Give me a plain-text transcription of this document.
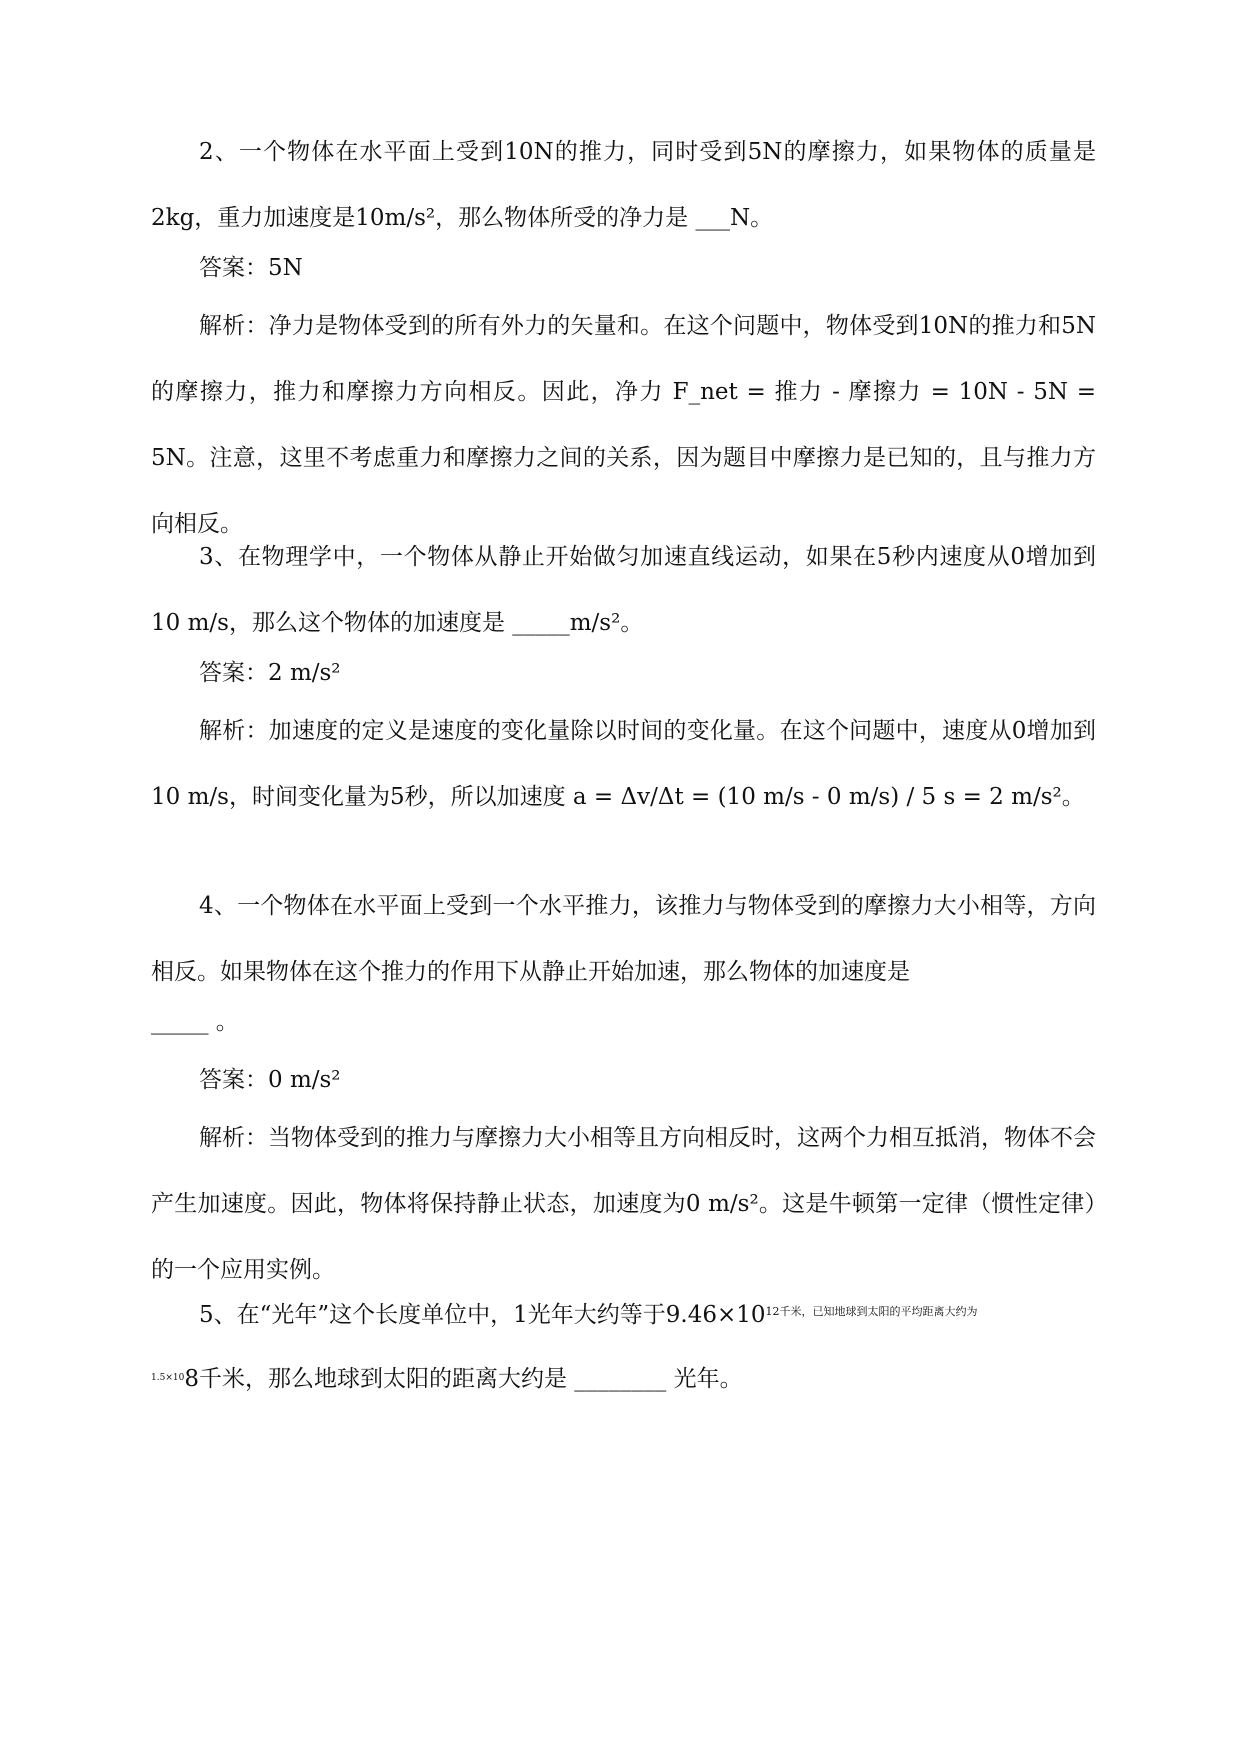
2、一个物体在水平面上受到10N的推力，同时受到5N的摩擦力，如果物体的质量是2kg，重力加速度是10m/s²，那么物体所受的净力是 ___N。

答案：5N

解析：净力是物体受到的所有外力的矢量和。在这个问题中，物体受到10N的推力和5N的摩擦力，推力和摩擦力方向相反。因此，净力 F_net = 推力 - 摩擦力 = 10N - 5N = 5N。注意，这里不考虑重力和摩擦力之间的关系，因为题目中摩擦力是已知的，且与推力方向相反。

3、在物理学中，一个物体从静止开始做匀加速直线运动，如果在5秒内速度从0增加到10 m/s，那么这个物体的加速度是 _____m/s²。

答案：2 m/s²

解析：加速度的定义是速度的变化量除以时间的变化量。在这个问题中，速度从0增加到10 m/s，时间变化量为5秒，所以加速度 a = Δv/Δt = (10 m/s - 0 m/s) / 5 s = 2 m/s²。

4、一个物体在水平面上受到一个水平推力，该推力与物体受到的摩擦力大小相等，方向相反。如果物体在这个推力的作用下从静止开始加速，那么物体的加速度是

_____ 。

答案：0 m/s²

解析：当物体受到的推力与摩擦力大小相等且方向相反时，这两个力相互抵消，物体不会产生加速度。因此，物体将保持静止状态，加速度为0 m/s²。这是牛顿第一定律（惯性定律）的一个应用实例。

5、在“光年”这个长度单位中，1光年大约等于$9.46\times 10^{12千米,已知地球到太阳的平均距离大约为}$

$^{1.5\times 10}$8千米，那么地球到太阳的距离大约是 ________ 光年。
